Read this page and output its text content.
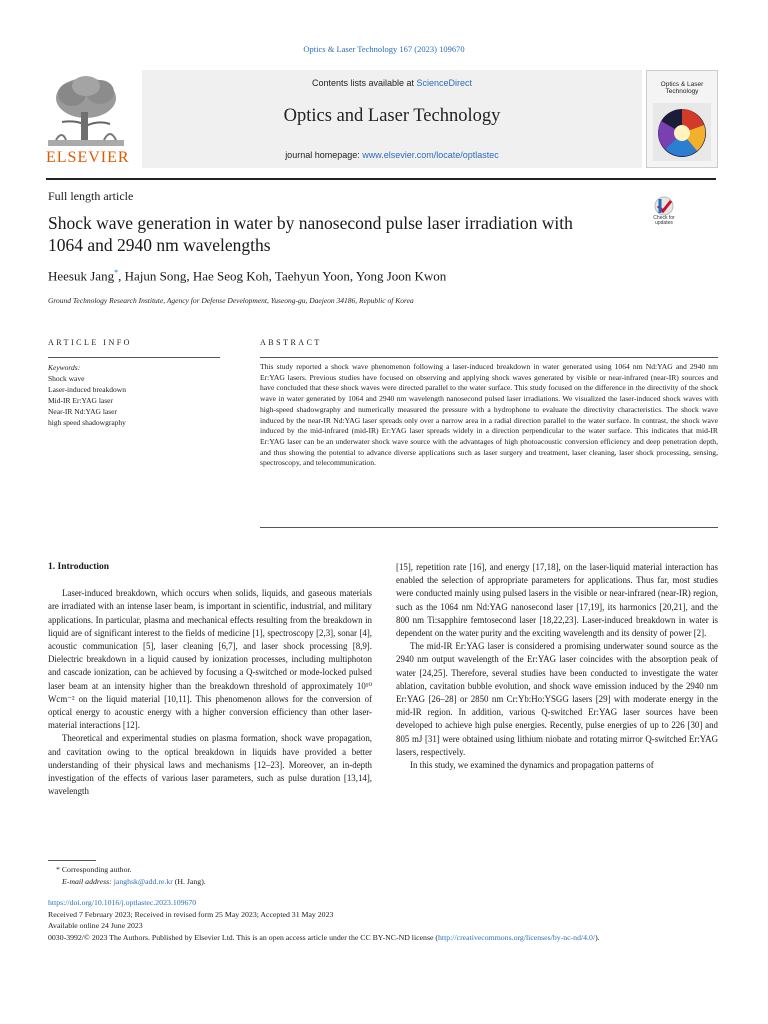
Optics & Laser Technology 167 (2023) 109670
ELSEVIER
Contents lists available at ScienceDirect
Optics and Laser Technology
journal homepage: www.elsevier.com/locate/optlastec
Optics & Laser Technology
Full length article
Shock wave generation in water by nanosecond pulse laser irradiation with 1064 and 2940 nm wavelengths
Check for updates
Heesuk Jang*, Hajun Song, Hae Seog Koh, Taehyun Yoon, Yong Joon Kwon
Ground Technology Research Institute, Agency for Defense Development, Yuseong-gu, Daejeon 34186, Republic of Korea
ARTICLE INFO	ABSTRACT
Keywords:
Shock wave
Laser-induced breakdown
Mid-IR Er:YAG laser
Near-IR Nd:YAG laser
high speed shadowgraphy
This study reported a shock wave phenomenon following a laser-induced breakdown in water generated using 1064 nm Nd:YAG and 2940 nm Er:YAG lasers. Previous studies have focused on observing and applying shock waves generated by visible or near-infrared (near-IR) sources and have concluded that these shock waves were directed parallel to the water surface. This study focused on the difference in the directivity of the shock wave in water generated by 1064 and 2940 nm wavelength nanosecond pulsed laser irradiations. We visualized the laser-induced shock waves with high-speed shadowgraphy and numerically measured the pressure with a hydrophone to evaluate the directivity characteristics. The shock wave induced by the near-IR Nd:YAG laser spreads only over a narrow area in a radial direction parallel to the water surface. In contrast, the shock wave induced by the mid-infrared (mid-IR) Er:YAG laser spreads widely in a direction perpendicular to the water surface. This indicates that mid-IR Er:YAG laser can be an underwater shock wave source with the advantages of high photoacoustic conversion efficiency and deep penetration depth, and thus showing the potential to advance diverse applications such as laser surgery and treatment, laser cleaning, laser shock processing, sensing, spectroscopy, and telecommunication.

1. Introduction

Laser-induced breakdown, which occurs when solids, liquids, and gaseous materials are irradiated with an intense laser beam, is important in scientific, industrial, and military applications. In particular, plasma and mechanical effects resulting from the breakdown in liquid are of significant interest to the fields of medicine [1], spectroscopy [2,3], sonar [4], acoustic communication [5], laser cleaning [6,7], and laser shock processing [8,9]. Dielectric breakdown in a liquid caused by ionization processes, including multiphoton and cascade ionization, can be achieved by focusing a Q-switched or mode-locked pulsed laser beam at an intensity higher than the breakdown threshold of approximately 10¹⁰ Wcm⁻² on the liquid material [10,11]. This phenomenon allows for the conversion of optical energy to acoustic energy with a higher conversion efficiency than other laser-material interactions [12].

Theoretical and experimental studies on plasma formation, shock wave propagation, and cavitation owing to the optical breakdown in liquids have provided a better understanding of their physical laws and mechanisms [12–23]. Moreover, an in-depth investigation of the effects of various laser parameters, such as pulse duration [13,14], wavelength

[15], repetition rate [16], and energy [17,18], on the laser-liquid material interaction has enabled the selection of appropriate parameters for applications. Thus far, most studies were conducted mainly using pulsed lasers in the visible or near-infrared (near-IR) region, such as the 1064 nm Nd:YAG nanosecond laser [17,19], its harmonics [20,21], and the 800 nm Ti:sapphire femtosecond laser [18,22,23]. Laser-induced breakdown in water is dependent on the water purity and the exciting wavelength and its density of power [2].

The mid-IR Er:YAG laser is considered a promising underwater sound source as the 2940 nm output wavelength of the Er:YAG laser coincides with the absorption peak of water [24,25]. Therefore, several studies have been conducted to investigate the water ablation, cavitation bubble evolution, and shock wave emission induced by the 2940 nm Er:YAG [26–28] or 2850 nm Cr:Yb:Ho:YSGG lasers [29] with moderate energy in the mid-IR region. In addition, various Q-switched Er:YAG laser sources have been developed to achieve high pulse energies. Recently, pulse energies of up to 226 [30] and 805 mJ [31] were obtained using lithium niobate and rotating mirror Q-switched Er:YAG lasers, respectively.

In this study, we examined the dynamics and propagation patterns of

* Corresponding author.
E-mail address: janghsk@add.re.kr (H. Jang).
https://doi.org/10.1016/j.optlastec.2023.109670
Received 7 February 2023; Received in revised form 25 May 2023; Accepted 31 May 2023
Available online 24 June 2023
0030-3992/© 2023 The Authors. Published by Elsevier Ltd. This is an open access article under the CC BY-NC-ND license (http://creativecommons.org/licenses/by-nc-nd/4.0/).
